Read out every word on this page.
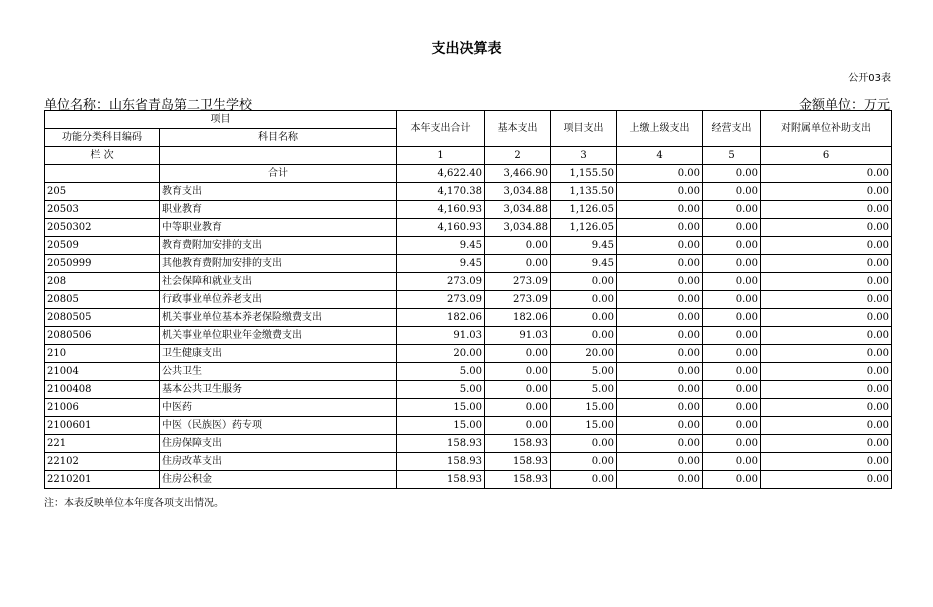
支出决算表
公开03表
单位名称：山东省青岛第二卫生学校	金额单位：万元
项目		本年支出合计	基本支出	项目支出	上缴上级支出	经营支出	对附属单位补助支出
功能分类科目编码	科目名称						
栏 次		1	2	3	4	5	6
	合计	4,622.40	3,466.90	1,155.50	0.00	0.00	0.00
205	教育支出	4,170.38	3,034.88	1,135.50	0.00	0.00	0.00
20503	职业教育	4,160.93	3,034.88	1,126.05	0.00	0.00	0.00
2050302	中等职业教育	4,160.93	3,034.88	1,126.05	0.00	0.00	0.00
20509	教育费附加安排的支出	9.45	0.00	9.45	0.00	0.00	0.00
2050999	其他教育费附加安排的支出	9.45	0.00	9.45	0.00	0.00	0.00
208	社会保障和就业支出	273.09	273.09	0.00	0.00	0.00	0.00
20805	行政事业单位养老支出	273.09	273.09	0.00	0.00	0.00	0.00
2080505	机关事业单位基本养老保险缴费支出	182.06	182.06	0.00	0.00	0.00	0.00
2080506	机关事业单位职业年金缴费支出	91.03	91.03	0.00	0.00	0.00	0.00
210	卫生健康支出	20.00	0.00	20.00	0.00	0.00	0.00
21004	公共卫生	5.00	0.00	5.00	0.00	0.00	0.00
2100408	基本公共卫生服务	5.00	0.00	5.00	0.00	0.00	0.00
21006	中医药	15.00	0.00	15.00	0.00	0.00	0.00
2100601	中医（民族医）药专项	15.00	0.00	15.00	0.00	0.00	0.00
221	住房保障支出	158.93	158.93	0.00	0.00	0.00	0.00
22102	住房改革支出	158.93	158.93	0.00	0.00	0.00	0.00
2210201	住房公积金	158.93	158.93	0.00	0.00	0.00	0.00
注：本表反映单位本年度各项支出情况。
